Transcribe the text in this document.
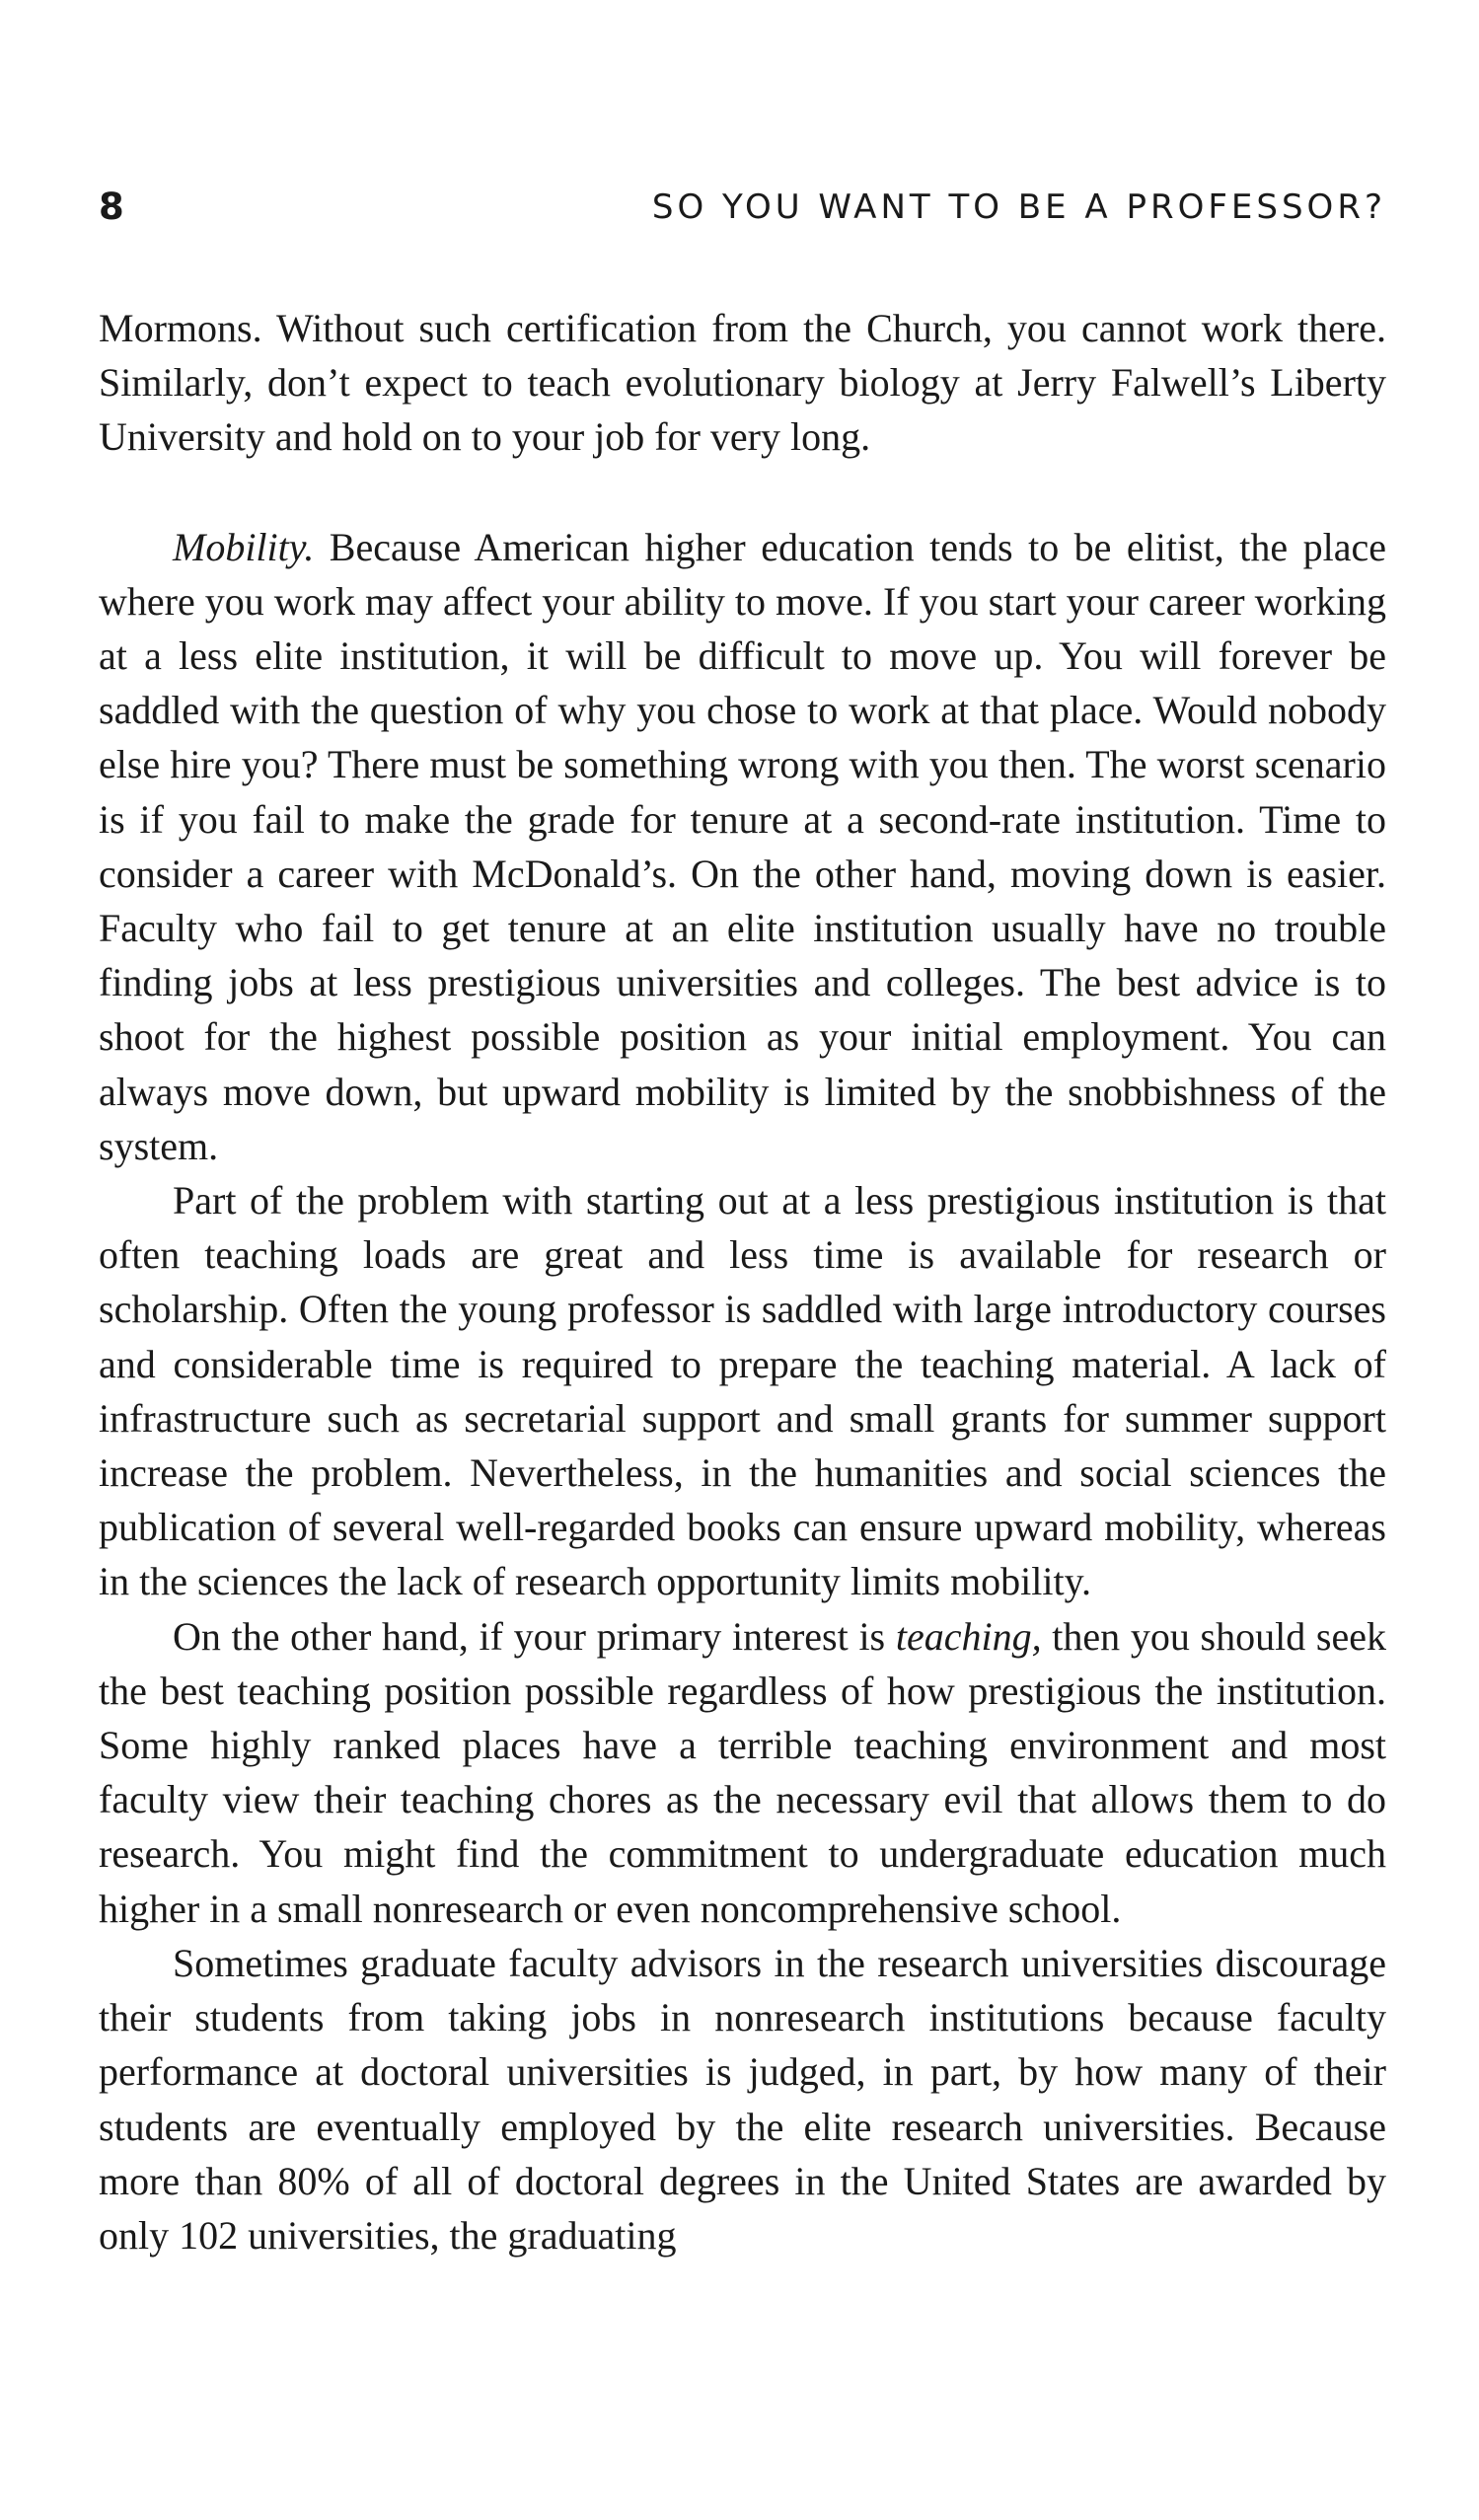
8	SO YOU WANT TO BE A PROFESSOR?

Mormons. Without such certification from the Church, you cannot work there. Similarly, don’t expect to teach evolutionary biology at Jerry Falwell’s Liberty University and hold on to your job for very long.

Mobility. Because American higher education tends to be elitist, the place where you work may affect your ability to move. If you start your career working at a less elite institution, it will be difficult to move up. You will forever be saddled with the question of why you chose to work at that place. Would nobody else hire you? There must be something wrong with you then. The worst scenario is if you fail to make the grade for tenure at a second-rate institution. Time to consider a career with McDonald’s. On the other hand, moving down is easier. Faculty who fail to get tenure at an elite institution usually have no trouble finding jobs at less prestigious universities and colleges. The best advice is to shoot for the highest possible position as your initial employment. You can always move down, but upward mobility is limited by the snobbishness of the system.

Part of the problem with starting out at a less prestigious institution is that often teaching loads are great and less time is available for research or scholarship. Often the young professor is saddled with large introductory courses and considerable time is required to prepare the teaching material. A lack of infrastructure such as secretarial support and small grants for summer support increase the problem. Nevertheless, in the humanities and social sciences the publication of several well-regarded books can ensure upward mobility, whereas in the sciences the lack of research opportunity limits mobility.

On the other hand, if your primary interest is teaching, then you should seek the best teaching position possible regardless of how prestigious the institution. Some highly ranked places have a terrible teaching environment and most faculty view their teaching chores as the necessary evil that allows them to do research. You might find the commitment to undergraduate education much higher in a small nonresearch or even noncomprehensive school.

Sometimes graduate faculty advisors in the research universities discourage their students from taking jobs in nonresearch institutions because faculty performance at doctoral universities is judged, in part, by how many of their students are eventually employed by the elite research universities. Because more than 80% of all of doctoral degrees in the United States are awarded by only 102 universities, the graduating
